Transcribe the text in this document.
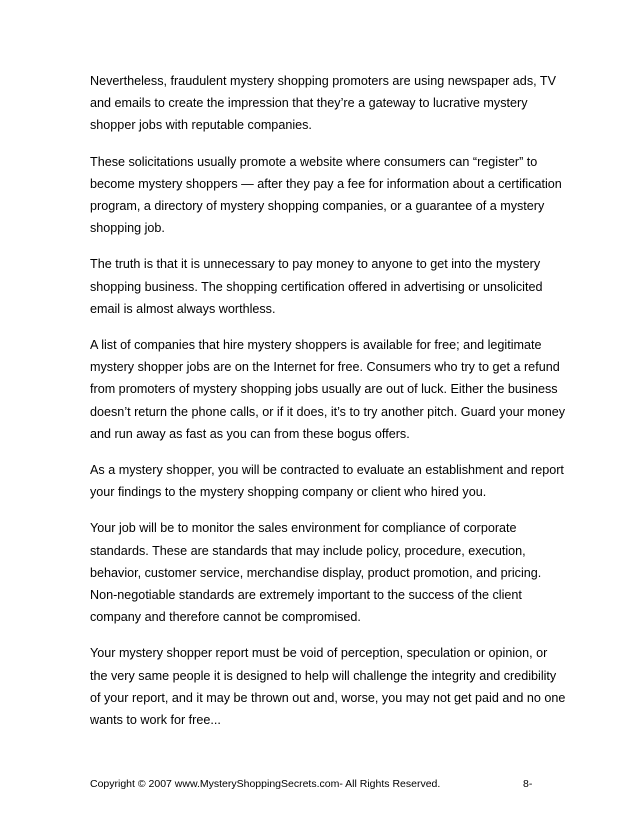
Nevertheless, fraudulent mystery shopping promoters are using newspaper ads, TV
and emails to create the impression that they’re a gateway to lucrative mystery
shopper jobs with reputable companies.

These solicitations usually promote a website where consumers can “register” to
become mystery shoppers — after they pay a fee for information about a certification
program, a directory of mystery shopping companies, or a guarantee of a mystery
shopping job.

The truth is that it is unnecessary to pay money to anyone to get into the mystery
shopping business. The shopping certification offered in advertising or unsolicited
email is almost always worthless.

A list of companies that hire mystery shoppers is available for free; and legitimate
mystery shopper jobs are on the Internet for free. Consumers who try to get a refund
from promoters of mystery shopping jobs usually are out of luck. Either the business
doesn’t return the phone calls, or if it does, it’s to try another pitch. Guard your money
and run away as fast as you can from these bogus offers.

As a mystery shopper, you will be contracted to evaluate an establishment and report
your findings to the mystery shopping company or client who hired you.

Your job will be to monitor the sales environment for compliance of corporate
standards. These are standards that may include policy, procedure, execution,
behavior, customer service, merchandise display, product promotion, and pricing.
Non-negotiable standards are extremely important to the success of the client
company and therefore cannot be compromised.

Your mystery shopper report must be void of perception, speculation or opinion, or
the very same people it is designed to help will challenge the integrity and credibility
of your report, and it may be thrown out and, worse, you may not get paid and no one
wants to work for free...

Copyright © 2007 www.MysteryShoppingSecrets.com- All Rights Reserved.	8-
